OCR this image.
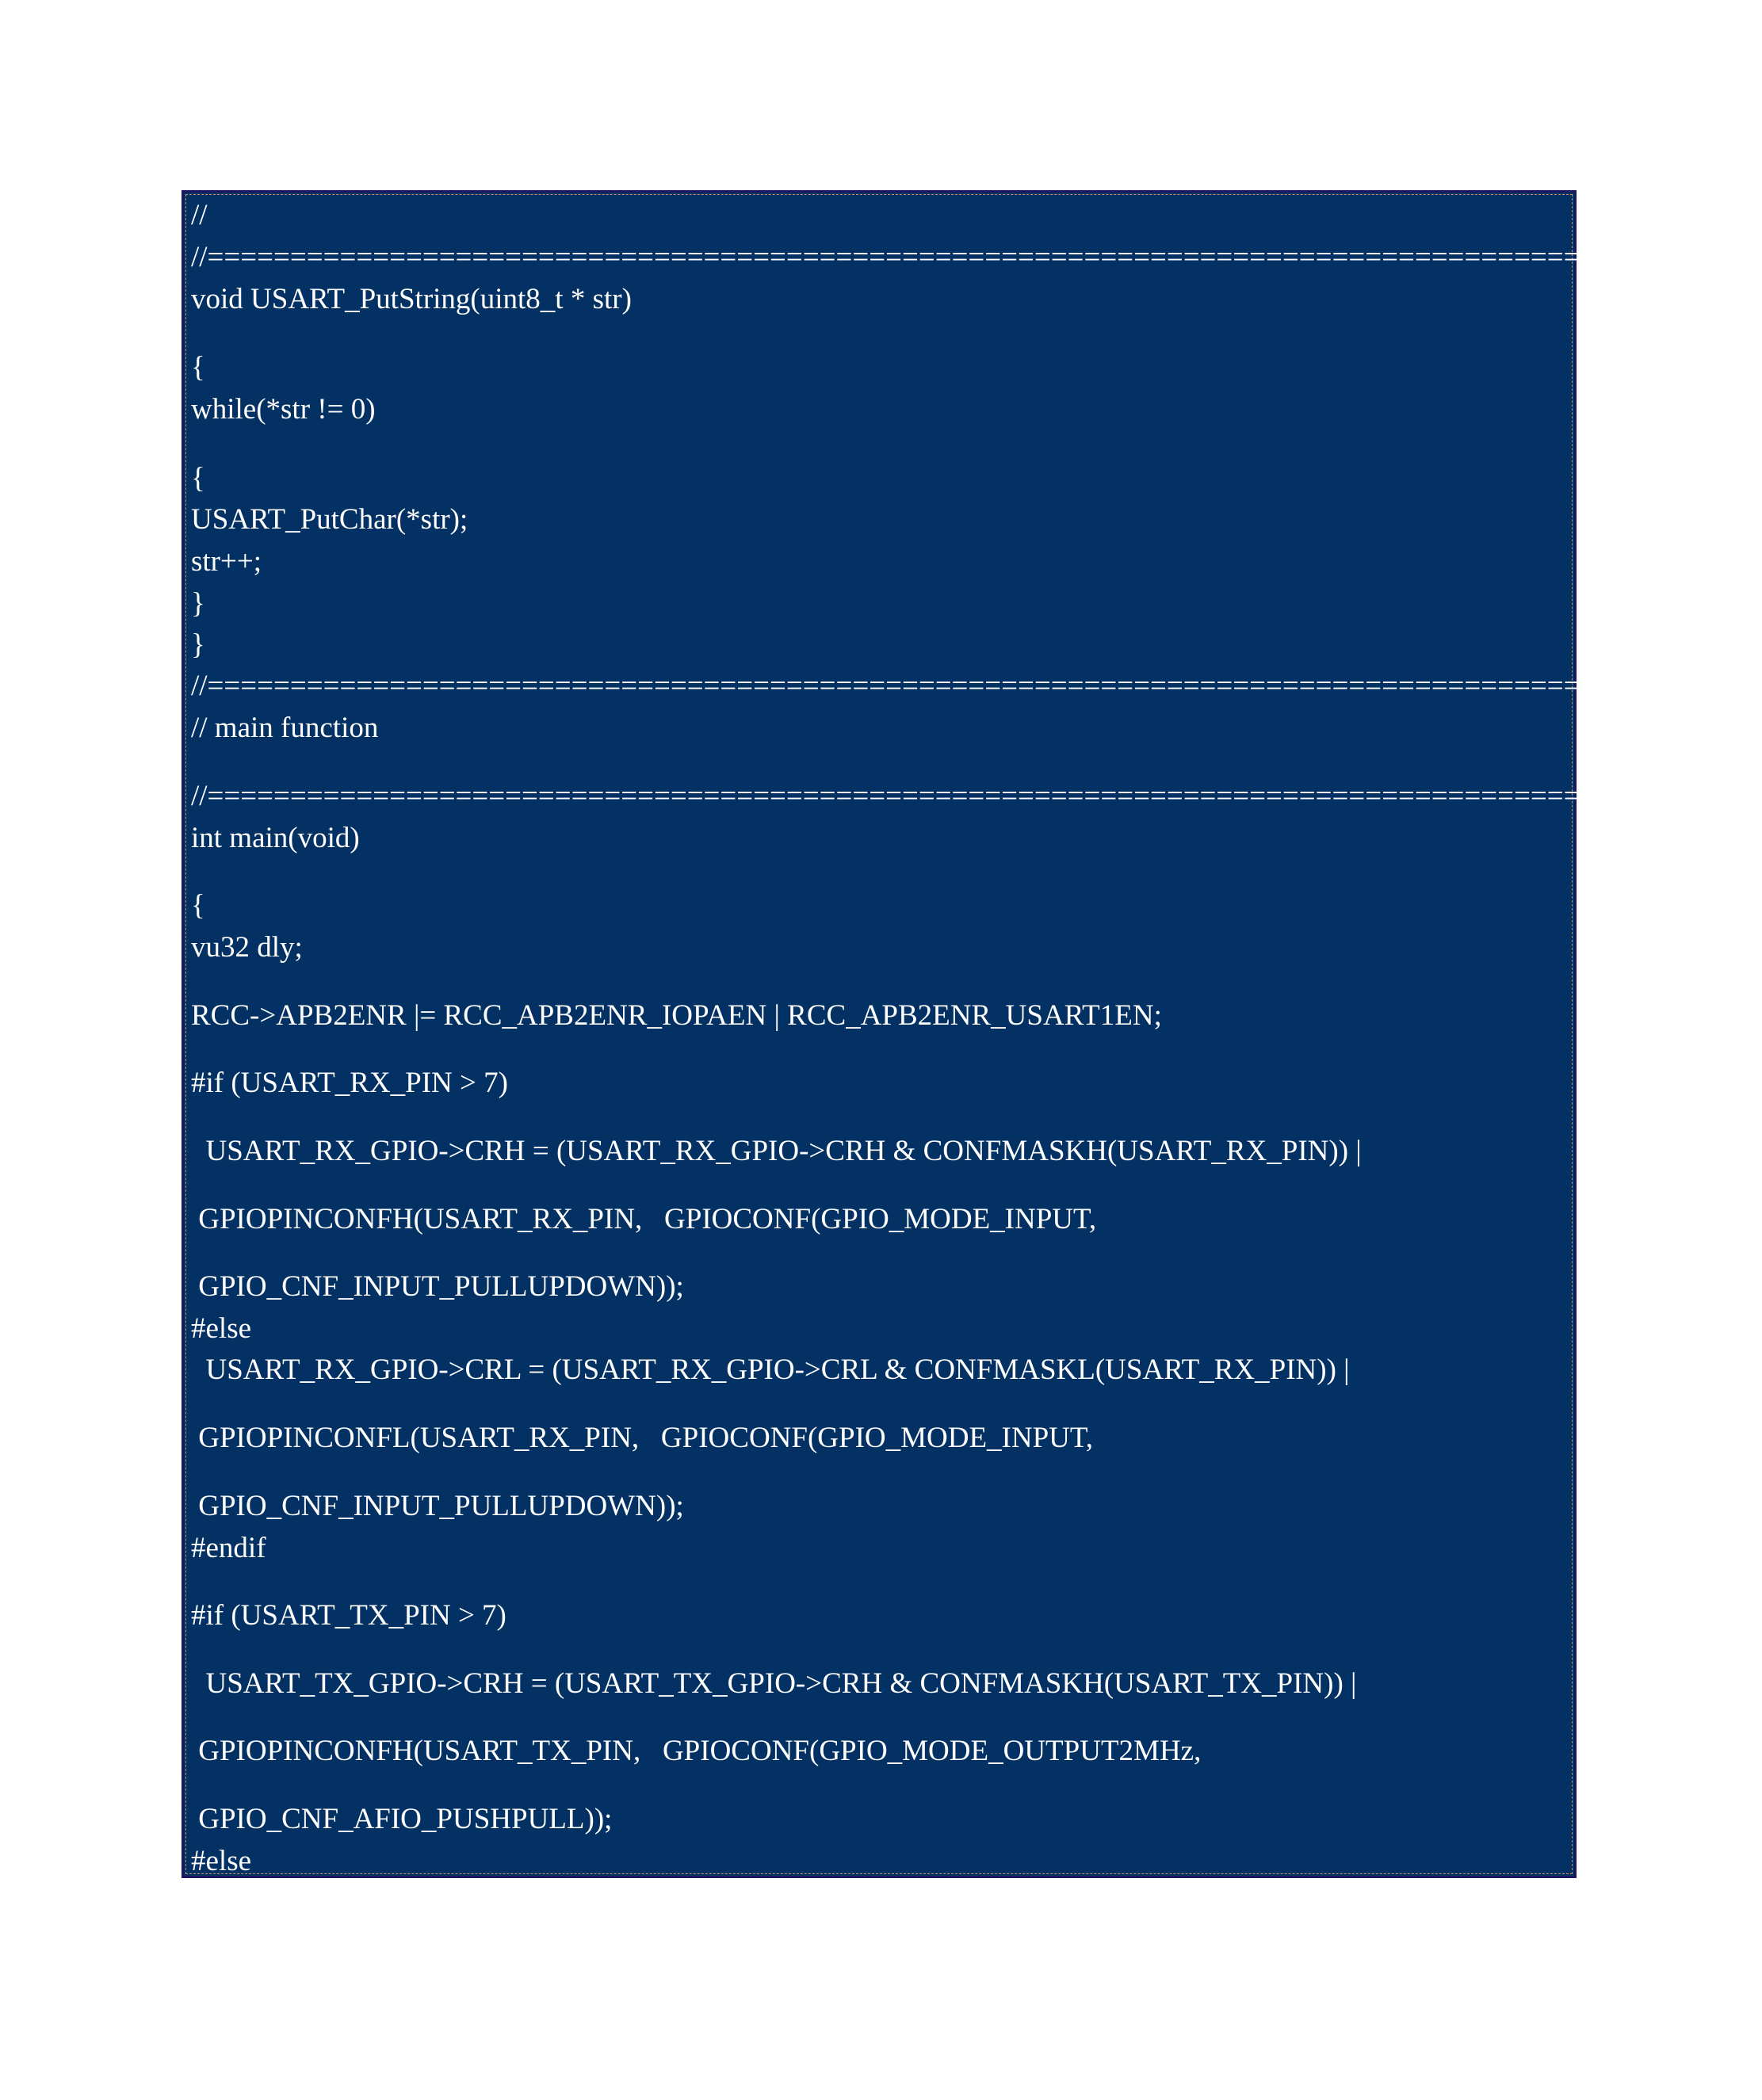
//
//==============================================================================================
void USART_PutString(uint8_t * str)
{
while(*str != 0)
{
USART_PutChar(*str);
str++;
}
}
//==============================================================================================
// main function
//==============================================================================================
int main(void)
{
vu32 dly;
RCC->APB2ENR |= RCC_APB2ENR_IOPAEN | RCC_APB2ENR_USART1EN;
#if (USART_RX_PIN > 7)
USART_RX_GPIO->CRH = (USART_RX_GPIO->CRH & CONFMASKH(USART_RX_PIN)) |
GPIOPINCONFH(USART_RX_PIN,   GPIOCONF(GPIO_MODE_INPUT,
GPIO_CNF_INPUT_PULLUPDOWN));
#else
USART_RX_GPIO->CRL = (USART_RX_GPIO->CRL & CONFMASKL(USART_RX_PIN)) |
GPIOPINCONFL(USART_RX_PIN,   GPIOCONF(GPIO_MODE_INPUT,
GPIO_CNF_INPUT_PULLUPDOWN));
#endif
#if (USART_TX_PIN > 7)
USART_TX_GPIO->CRH = (USART_TX_GPIO->CRH & CONFMASKH(USART_TX_PIN)) |
GPIOPINCONFH(USART_TX_PIN,   GPIOCONF(GPIO_MODE_OUTPUT2MHz,
GPIO_CNF_AFIO_PUSHPULL));
#else
